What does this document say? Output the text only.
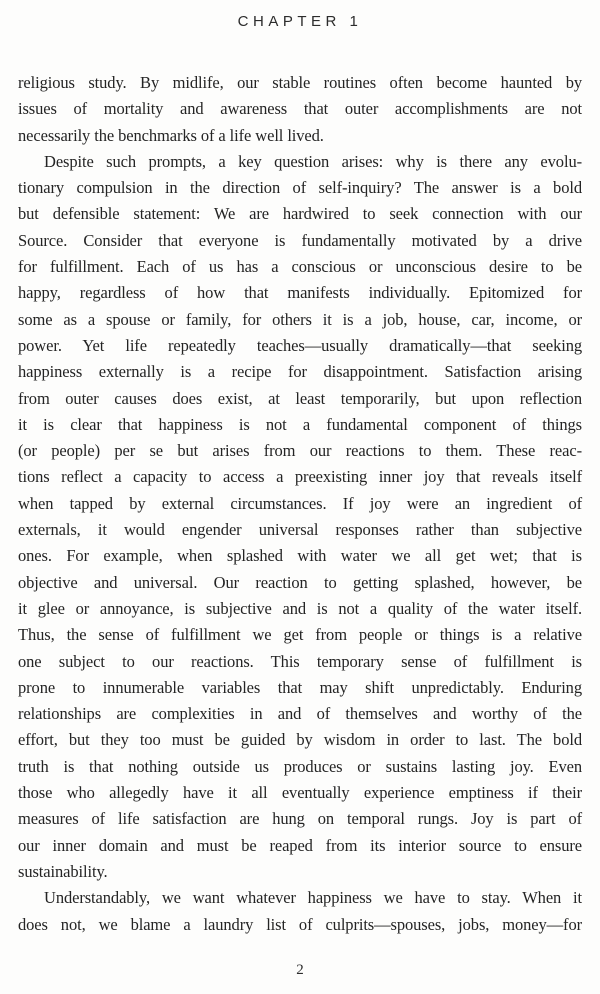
CHAPTER 1
religious study. By midlife, our stable routines often become haunted by
issues of mortality and awareness that outer accomplishments are not
necessarily the benchmarks of a life well lived.
Despite such prompts, a key question arises: why is there any evolu-
tionary compulsion in the direction of self-inquiry? The answer is a bold
but defensible statement: We are hardwired to seek connection with our
Source. Consider that everyone is fundamentally motivated by a drive
for fulfillment. Each of us has a conscious or unconscious desire to be
happy, regardless of how that manifests individually. Epitomized for
some as a spouse or family, for others it is a job, house, car, income, or
power. Yet life repeatedly teaches—usually dramatically—that seeking
happiness externally is a recipe for disappointment. Satisfaction arising
from outer causes does exist, at least temporarily, but upon reflection
it is clear that happiness is not a fundamental component of things
(or people) per se but arises from our reactions to them. These reac-
tions reflect a capacity to access a preexisting inner joy that reveals itself
when tapped by external circumstances. If joy were an ingredient of
externals, it would engender universal responses rather than subjective
ones. For example, when splashed with water we all get wet; that is
objective and universal. Our reaction to getting splashed, however, be
it glee or annoyance, is subjective and is not a quality of the water itself.
Thus, the sense of fulfillment we get from people or things is a relative
one subject to our reactions. This temporary sense of fulfillment is
prone to innumerable variables that may shift unpredictably. Enduring
relationships are complexities in and of themselves and worthy of the
effort, but they too must be guided by wisdom in order to last. The bold
truth is that nothing outside us produces or sustains lasting joy. Even
those who allegedly have it all eventually experience emptiness if their
measures of life satisfaction are hung on temporal rungs. Joy is part of
our inner domain and must be reaped from its interior source to ensure
sustainability.
Understandably, we want whatever happiness we have to stay. When it
does not, we blame a laundry list of culprits—spouses, jobs, money—for
2
